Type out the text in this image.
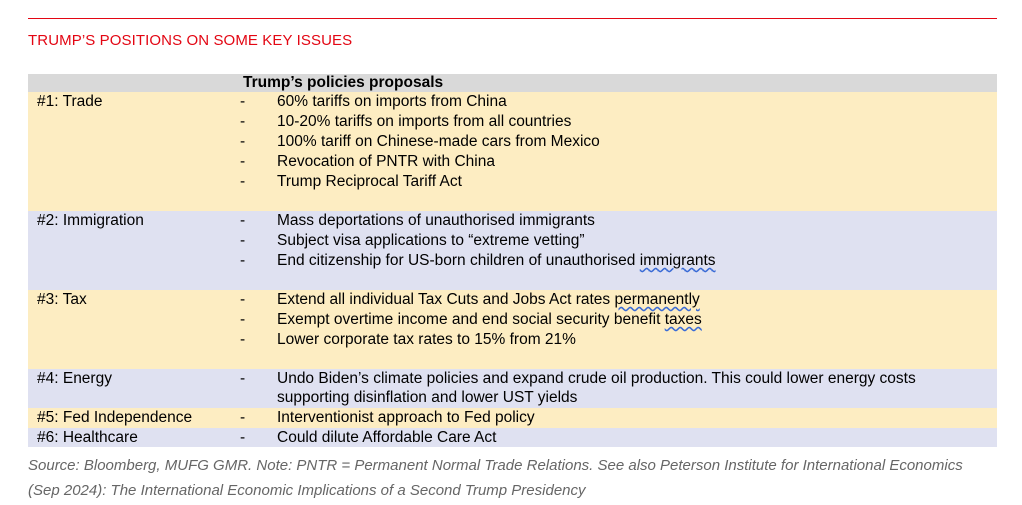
TRUMP’S POSITIONS ON SOME KEY ISSUES
Trump’s policies proposals
#1: Trade	- 60% tariffs on imports from China
- 10-20% tariffs on imports from all countries
- 100% tariff on Chinese-made cars from Mexico
- Revocation of PNTR with China
- Trump Reciprocal Tariff Act
#2: Immigration	- Mass deportations of unauthorised immigrants
- Subject visa applications to “extreme vetting”
- End citizenship for US-born children of unauthorised immigrants
#3: Tax	- Extend all individual Tax Cuts and Jobs Act rates permanently
- Exempt overtime income and end social security benefit taxes
- Lower corporate tax rates to 15% from 21%
#4: Energy	- Undo Biden’s climate policies and expand crude oil production. This could lower energy costs
supporting disinflation and lower UST yields
#5: Fed Independence	- Interventionist approach to Fed policy
#6: Healthcare	- Could dilute Affordable Care Act
Source: Bloomberg, MUFG GMR. Note: PNTR = Permanent Normal Trade Relations. See also Peterson Institute for International Economics (Sep 2024): The International Economic Implications of a Second Trump Presidency
